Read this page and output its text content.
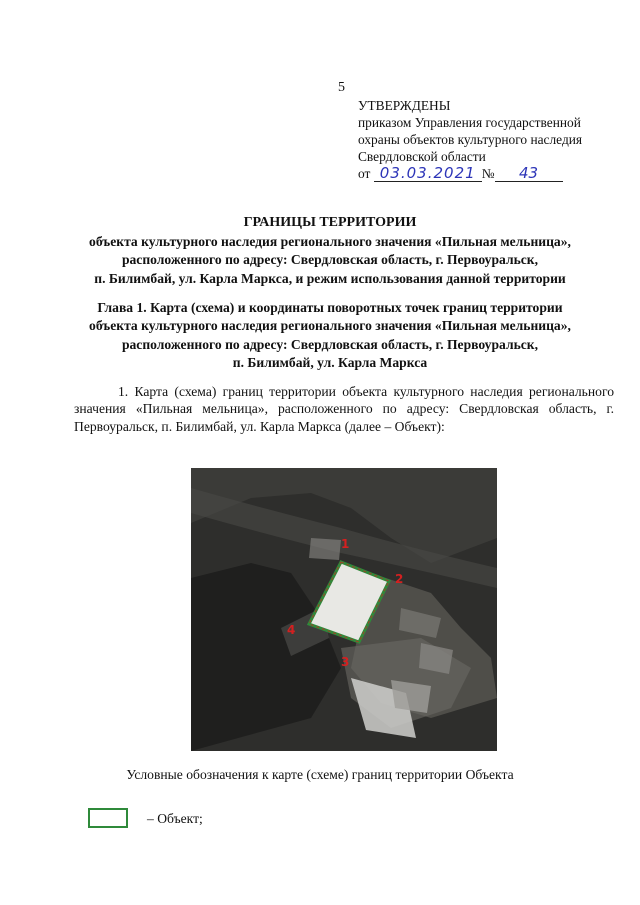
5
УТВЕРЖДЕНЫ
приказом Управления государственной
охраны объектов культурного наследия
Свердловской области
от
03.03.2021 №	43
ГРАНИЦЫ ТЕРРИТОРИИ
объекта культурного наследия регионального значения «Пильная мельница»,
расположенного по адресу: Свердловская область, г. Первоуральск,
п. Билимбай, ул. Карла Маркса, и режим использования данной территории
Глава 1. Карта (схема) и координаты поворотных точек границ территории
объекта культурного наследия регионального значения «Пильная мельница»,
расположенного по адресу: Свердловская область, г. Первоуральск,
п. Билимбай, ул. Карла Маркса
1. Карта (схема) границ территории объекта культурного наследия регионального значения «Пильная мельница», расположенного по адресу: Свердловская область, г. Первоуральск, п. Билимбай, ул. Карла Маркса (далее – Объект):
1
2
3
4
Условные обозначения к карте (схеме) границ территории Объекта
– Объект;
